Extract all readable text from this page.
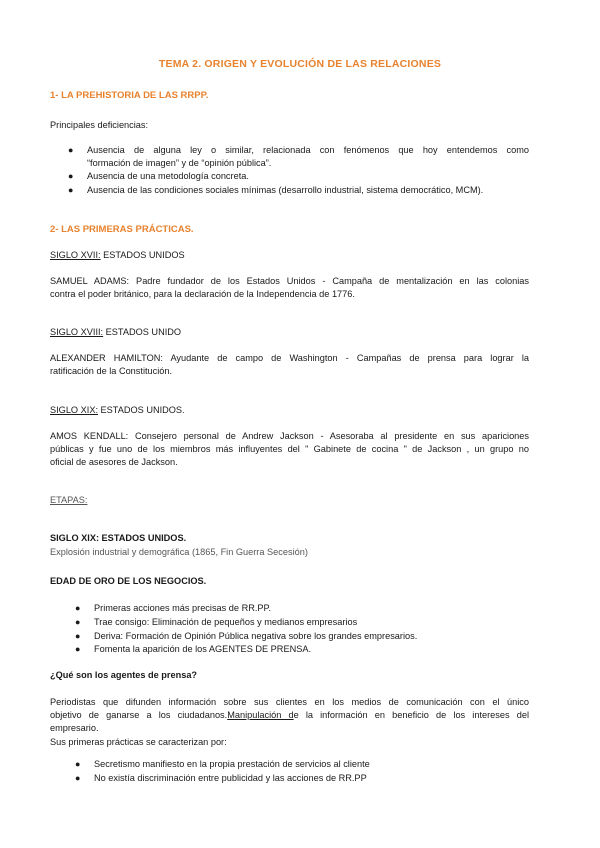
TEMA 2. ORIGEN Y EVOLUCIÓN DE LAS RELACIONES
1- LA PREHISTORIA DE LAS RRPP.
Principales deficiencias:
● Ausencia de alguna ley o similar, relacionada con fenómenos que hoy entendemos como
“formación de imagen” y de “opinión pública”.
● Ausencia de una metodología concreta.
● Ausencia de las condiciones sociales mínimas (desarrollo industrial, sistema democrático, MCM).
2- LAS PRIMERAS PRÁCTICAS.
SIGLO XVII: ESTADOS UNIDOS
SAMUEL ADAMS: Padre fundador de los Estados Unidos - Campaña de mentalización en las colonias
contra el poder británico, para la declaración de la Independencia de 1776.
SIGLO XVIII: ESTADOS UNIDO
ALEXANDER HAMILTON: Ayudante de campo de Washington - Campañas de prensa para lograr la
ratificación de la Constitución.
SIGLO XIX: ESTADOS UNIDOS.
AMOS KENDALL: Consejero personal de Andrew Jackson - Asesoraba al presidente en sus apariciones
públicas y fue uno de los miembros más influyentes del " Gabinete de cocina " de Jackson , un grupo no
oficial de asesores de Jackson.
ETAPAS:
SIGLO XIX: ESTADOS UNIDOS.
Explosión industrial y demográfica (1865, Fin Guerra Secesión)
EDAD DE ORO DE LOS NEGOCIOS.
● Primeras acciones más precisas de RR.PP.
● Trae consigo: Eliminación de pequeños y medianos empresarios
● Deriva: Formación de Opinión Pública negativa sobre los grandes empresarios.
● Fomenta la aparición de los AGENTES DE PRENSA.
¿Qué son los agentes de prensa?
Periodistas que difunden información sobre sus clientes en los medios de comunicación con el único
objetivo de ganarse a los ciudadanos.Manipulación de la información en beneficio de los intereses del
empresario.
Sus primeras prácticas se caracterizan por:
● Secretismo manifiesto en la propia prestación de servicios al cliente
● No existía discriminación entre publicidad y las acciones de RR.PP
